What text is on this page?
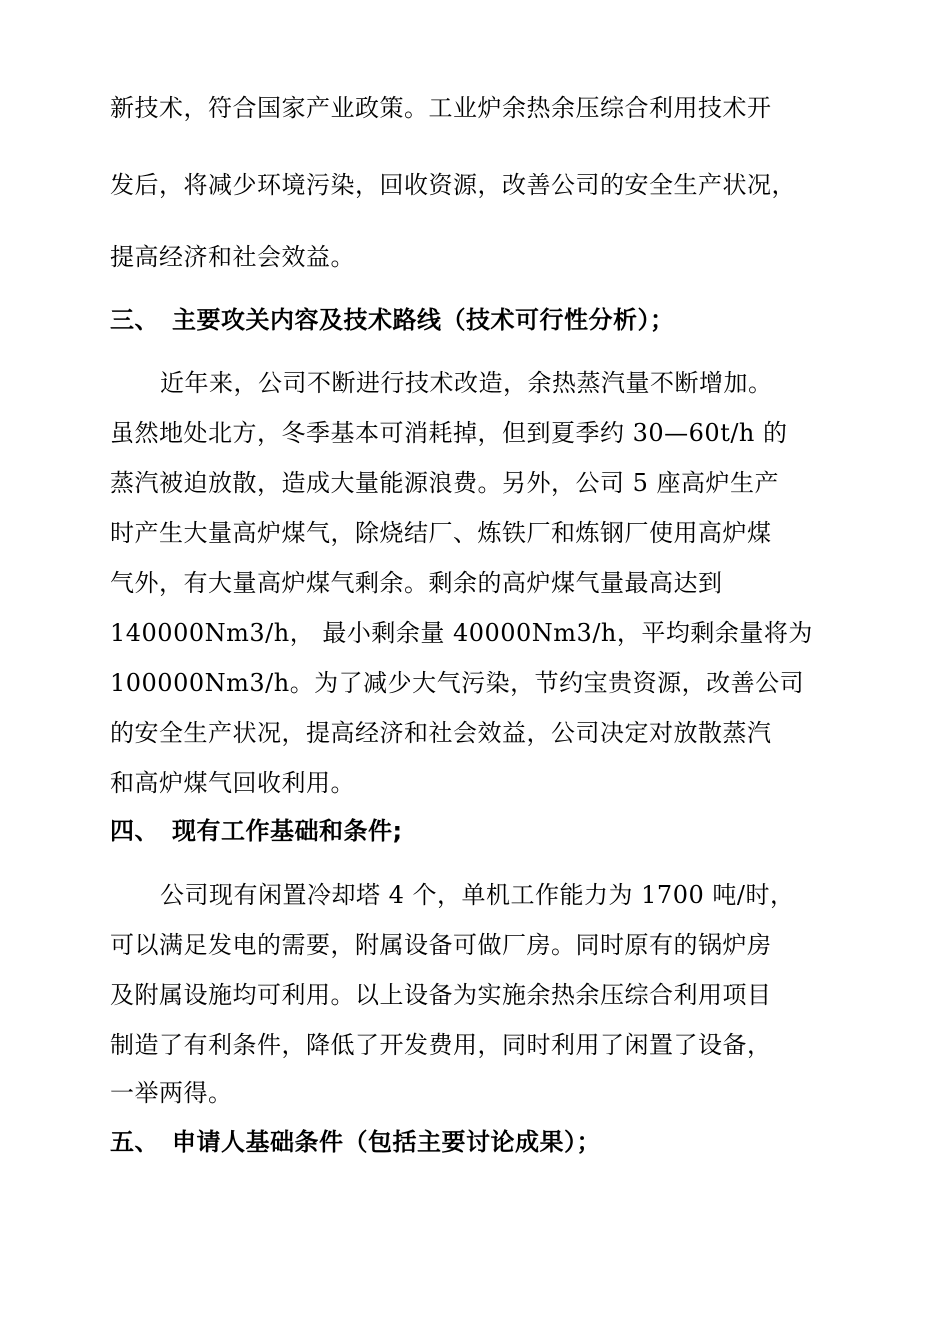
新技术，符合国家产业政策。工业炉余热余压综合利用技术开
发后，将减少环境污染，回收资源，改善公司的安全生产状况，
提高经济和社会效益。
三、 主要攻关内容及技术路线（技术可行性分析）；
近年来，公司不断进行技术改造，余热蒸汽量不断增加。
虽然地处北方，冬季基本可消耗掉，但到夏季约 30—60t/h 的
蒸汽被迫放散，造成大量能源浪费。另外，公司 5 座高炉生产
时产生大量高炉煤气，除烧结厂、炼铁厂和炼钢厂使用高炉煤
气外，有大量高炉煤气剩余。剩余的高炉煤气量最高达到
140000Nm3/h， 最小剩余量 40000Nm3/h，平均剩余量将为
100000Nm3/h。为了减少大气污染，节约宝贵资源，改善公司
的安全生产状况，提高经济和社会效益，公司决定对放散蒸汽
和高炉煤气回收利用。
四、 现有工作基础和条件;
公司现有闲置冷却塔 4 个，单机工作能力为 1700 吨/时，
可以满足发电的需要，附属设备可做厂房。同时原有的锅炉房
及附属设施均可利用。以上设备为实施余热余压综合利用项目
制造了有利条件，降低了开发费用，同时利用了闲置了设备，
一举两得。
五、 申请人基础条件（包括主要讨论成果）；
